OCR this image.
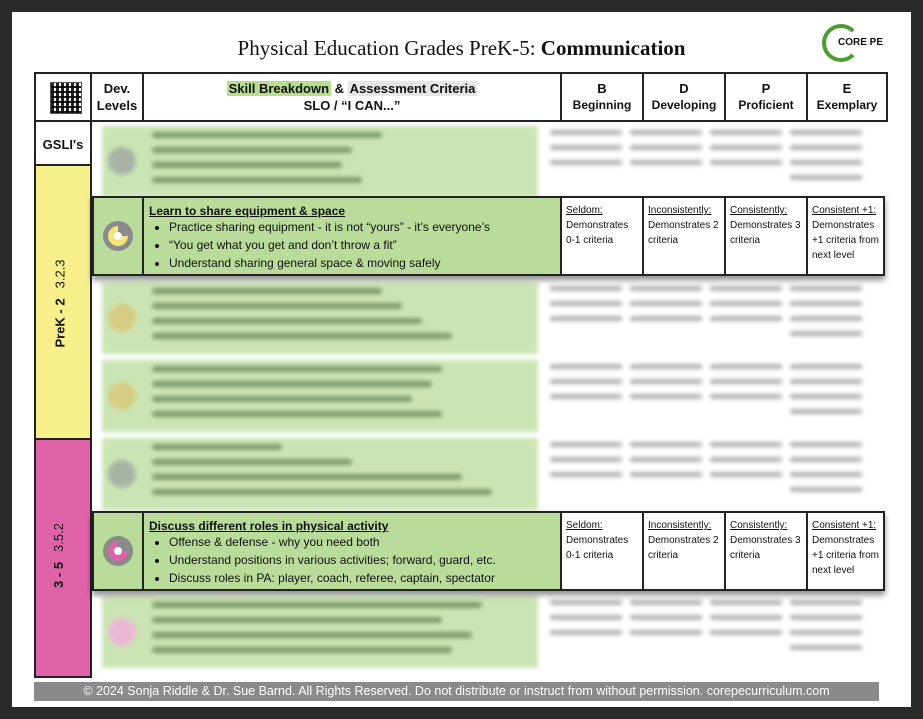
Physical Education Grades PreK-5: Communication	CORE PE
Dev. Levels
Skill Breakdown & Assessment Criteria
SLO / “I CAN...”
B
Beginning
D
Developing
P
Proficient
E
Exemplary
GSLI's
PreK - 23.2.3
3 - 53.5.2
Learn to share equipment & space
• Practice sharing equipment - it is not “yours” - it’s everyone’s
• “You get what you get and don’t throw a fit”
• Understand sharing general space & moving safely
Seldom:
Demonstrates 0-1 criteria
Inconsistently:
Demonstrates 2 criteria
Consistently:
Demonstrates 3 criteria
Consistent +1:
Demonstrates +1 criteria from next level
Discuss different roles in physical activity
• Offense & defense - why you need both
• Understand positions in various activities; forward, guard, etc.
• Discuss roles in PA: player, coach, referee, captain, spectator
Seldom:
Demonstrates 0-1 criteria
Inconsistently:
Demonstrates 2 criteria
Consistently:
Demonstrates 3 criteria
Consistent +1:
Demonstrates +1 criteria from next level
© 2024 Sonja Riddle & Dr. Sue Barnd. All Rights Reserved. Do not distribute or instruct from without permission. corepecurriculum.com
